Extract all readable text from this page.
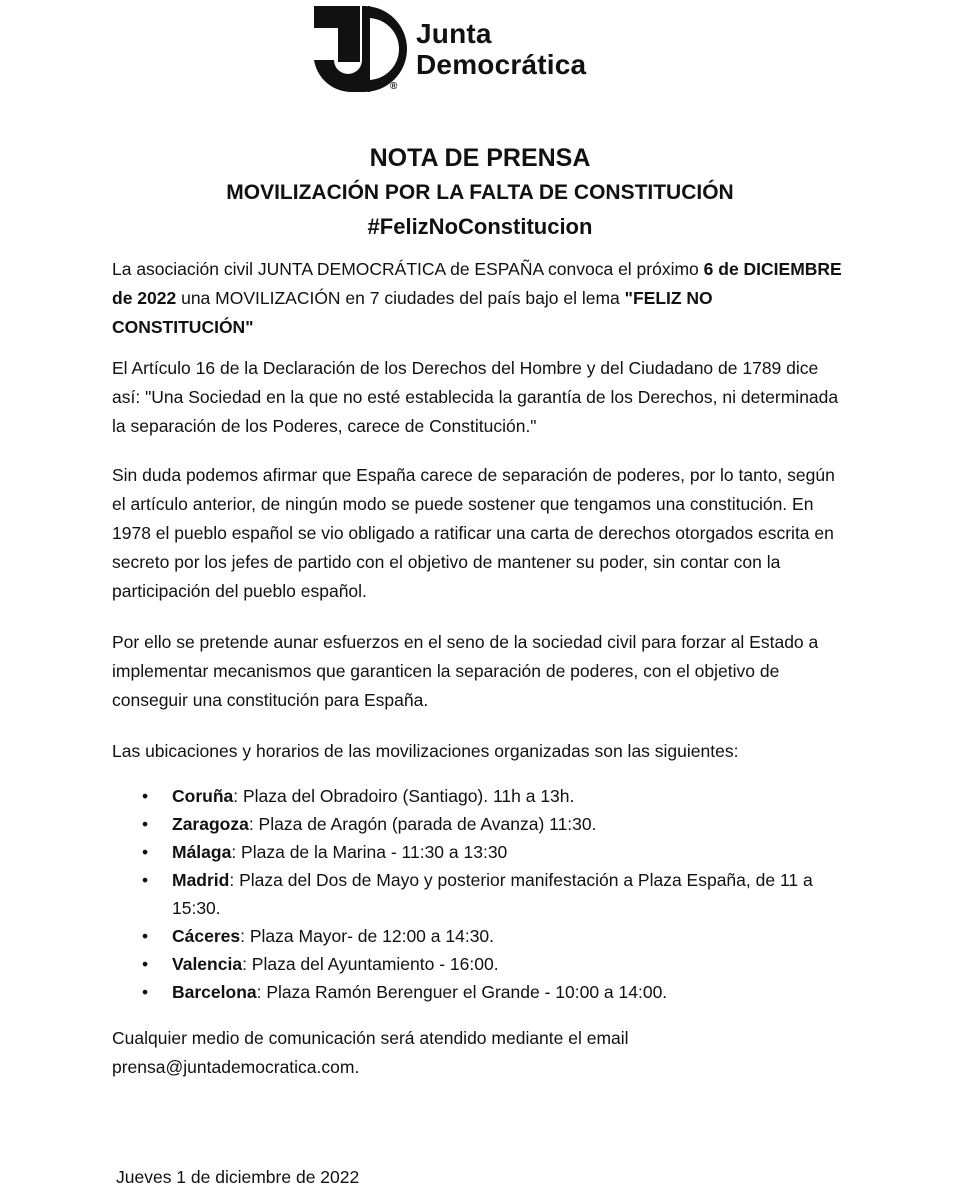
Junta
Democrática
®
NOTA DE PRENSA
MOVILIZACIÓN POR LA FALTA DE CONSTITUCIÓN
#FelizNoConstitucion

La asociación civil JUNTA DEMOCRÁTICA de ESPAÑA convoca el próximo 6 de DICIEMBRE de 2022 una MOVILIZACIÓN en 7 ciudades del país bajo el lema "FELIZ NO CONSTITUCIÓN"

El Artículo 16 de la Declaración de los Derechos del Hombre y del Ciudadano de 1789 dice así: "Una Sociedad en la que no esté establecida la garantía de los Derechos, ni determinada la separación de los Poderes, carece de Constitución."

Sin duda podemos afirmar que España carece de separación de poderes, por lo tanto, según el artículo anterior, de ningún modo se puede sostener que tengamos una constitución. En 1978 el pueblo español se vio obligado a ratificar una carta de derechos otorgados escrita en secreto por los jefes de partido con el objetivo de mantener su poder, sin contar con la participación del pueblo español.

Por ello se pretende aunar esfuerzos en el seno de la sociedad civil para forzar al Estado a implementar mecanismos que garanticen la separación de poderes, con el objetivo de conseguir una constitución para España.

Las ubicaciones y horarios de las movilizaciones organizadas son las siguientes:

• Coruña: Plaza del Obradoiro (Santiago). 11h a 13h.
• Zaragoza: Plaza de Aragón (parada de Avanza) 11:30.
• Málaga: Plaza de la Marina - 11:30 a 13:30
• Madrid: Plaza del Dos de Mayo y posterior manifestación a Plaza España, de 11 a 15:30.
• Cáceres: Plaza Mayor- de 12:00 a 14:30.
• Valencia: Plaza del Ayuntamiento - 16:00.
• Barcelona: Plaza Ramón Berenguer el Grande - 10:00 a 14:00.

Cualquier medio de comunicación será atendido mediante el email prensa@juntademocratica.com.

Jueves 1 de diciembre de 2022
